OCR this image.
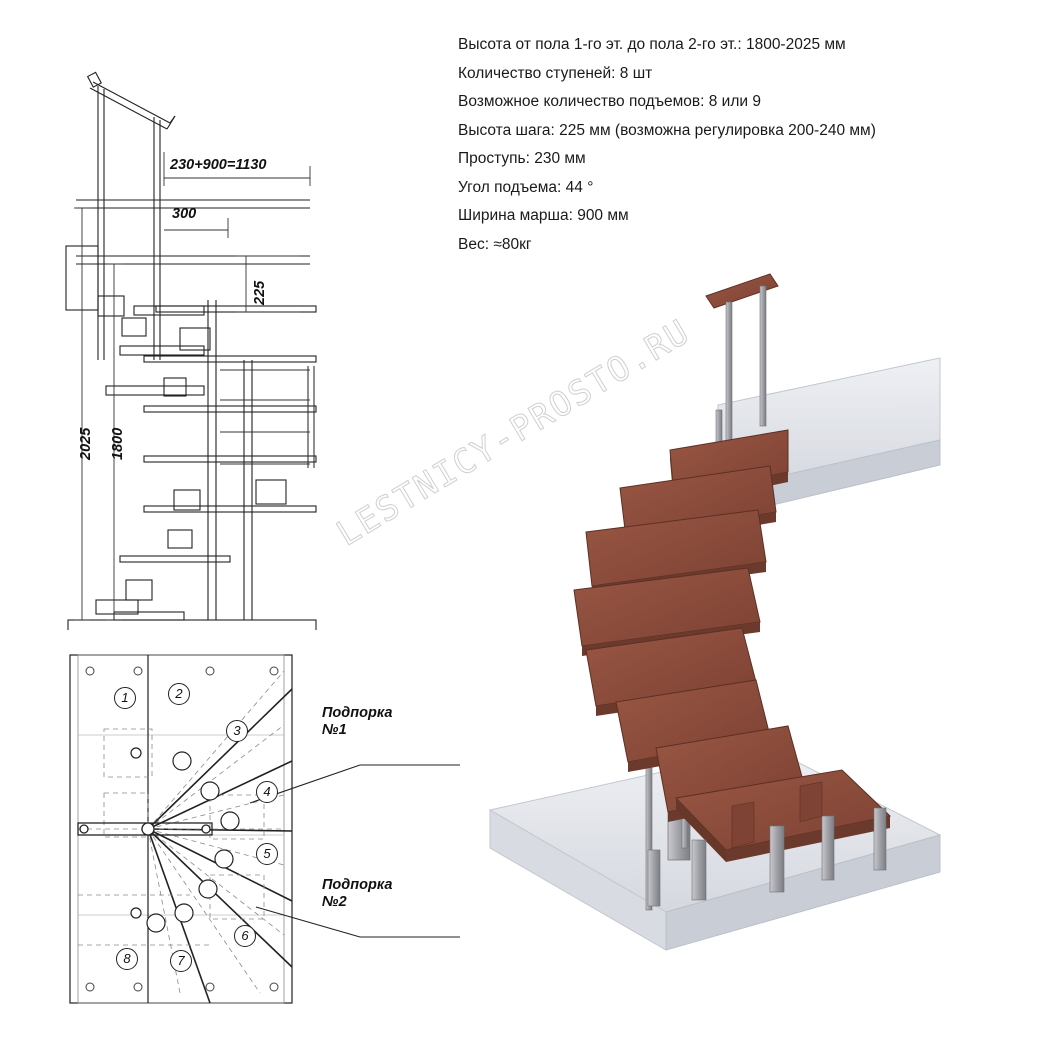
Высота от пола 1-го эт. до пола 2-го эт.: 1800-2025 мм
Количество ступеней: 8 шт
Возможное количество подъемов: 8 или 9
Высота шага: 225 мм (возможна регулировка 200-240 мм)
Проступь: 230 мм
Угол подъема: 44 °
Ширина марша: 900 мм
Вес: ≈80кг
230+900=1130
300
225
2025 1800
Подпорка
№1
Подпорка
№2
1	2
3
4
5
6
7
8
LESTNICY-PROSTO.RU
